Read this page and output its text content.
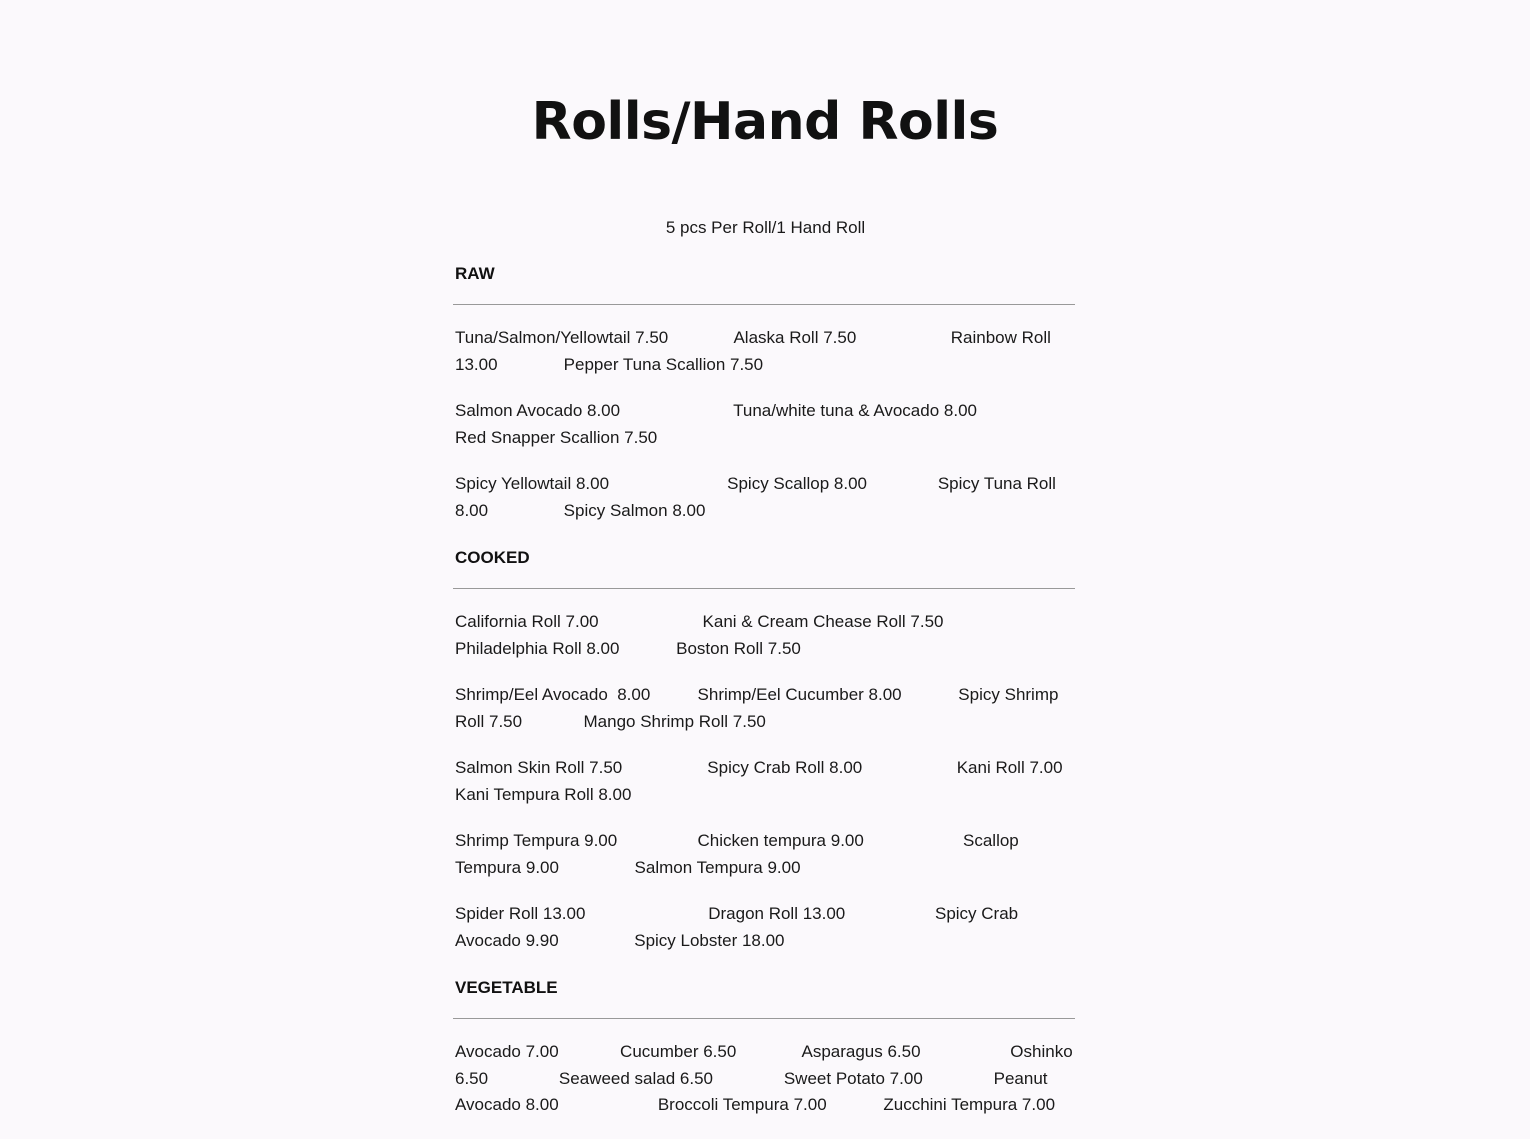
Rolls/Hand Rolls
5 pcs Per Roll/1 Hand Roll
RAW

Tuna/Salmon/Yellowtail 7.50              Alaska Roll 7.50                    Rainbow Roll 13.00              Pepper Tuna Scallion 7.50

Salmon Avocado 8.00                        Tuna/white tuna & Avocado 8.00                  Red Snapper Scallion 7.50

Spicy Yellowtail 8.00                         Spicy Scallop 8.00               Spicy Tuna Roll 8.00                Spicy Salmon 8.00

COOKED

California Roll 7.00                      Kani & Cream Chease Roll 7.50                Philadelphia Roll 8.00            Boston Roll 7.50

Shrimp/Eel Avocado  8.00          Shrimp/Eel Cucumber 8.00            Spicy Shrimp Roll 7.50             Mango Shrimp Roll 7.50

Salmon Skin Roll 7.50                  Spicy Crab Roll 8.00                    Kani Roll 7.00                              Kani Tempura Roll 8.00

Shrimp Tempura 9.00                 Chicken tempura 9.00                     Scallop Tempura 9.00                Salmon Tempura 9.00

Spider Roll 13.00                          Dragon Roll 13.00                   Spicy Crab Avocado 9.90                Spicy Lobster 18.00

VEGETABLE

Avocado 7.00             Cucumber 6.50              Asparagus 6.50                   Oshinko 6.50               Seaweed salad 6.50               Sweet Potato 7.00               Peanut Avocado 8.00                     Broccoli Tempura 7.00            Zucchini Tempura 7.00
